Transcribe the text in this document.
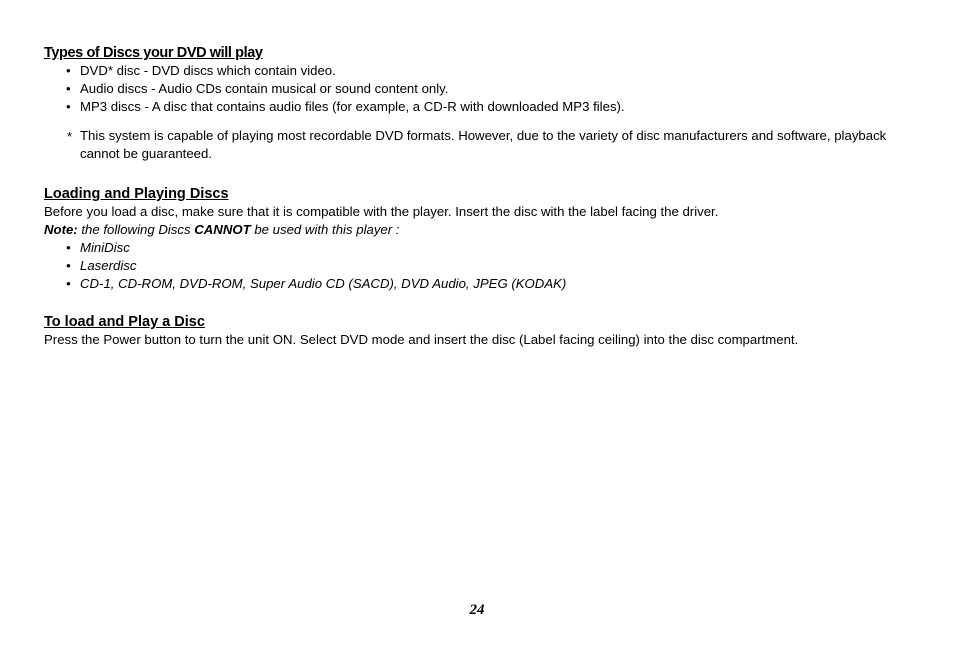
Types of Discs your DVD will play
• DVD* disc - DVD discs which contain video.
• Audio discs - Audio CDs contain musical or sound content only.
• MP3 discs - A disc that contains audio files (for example, a CD-R with downloaded MP3 files).
* This system is capable of playing most recordable DVD formats. However, due to the variety of disc manufacturers and software, playback cannot be guaranteed.
Loading and Playing Discs

Before you load a disc, make sure that it is compatible with the player. Insert the disc with the label facing the driver.

Note: the following Discs CANNOT be used with this player :

• MiniDisc
• Laserdisc
• CD-1, CD-ROM, DVD-ROM, Super Audio CD (SACD), DVD Audio, JPEG (KODAK)
To load and Play a Disc

Press the Power button to turn the unit ON. Select DVD mode and insert the disc (Label facing ceiling) into the disc compartment.

24
